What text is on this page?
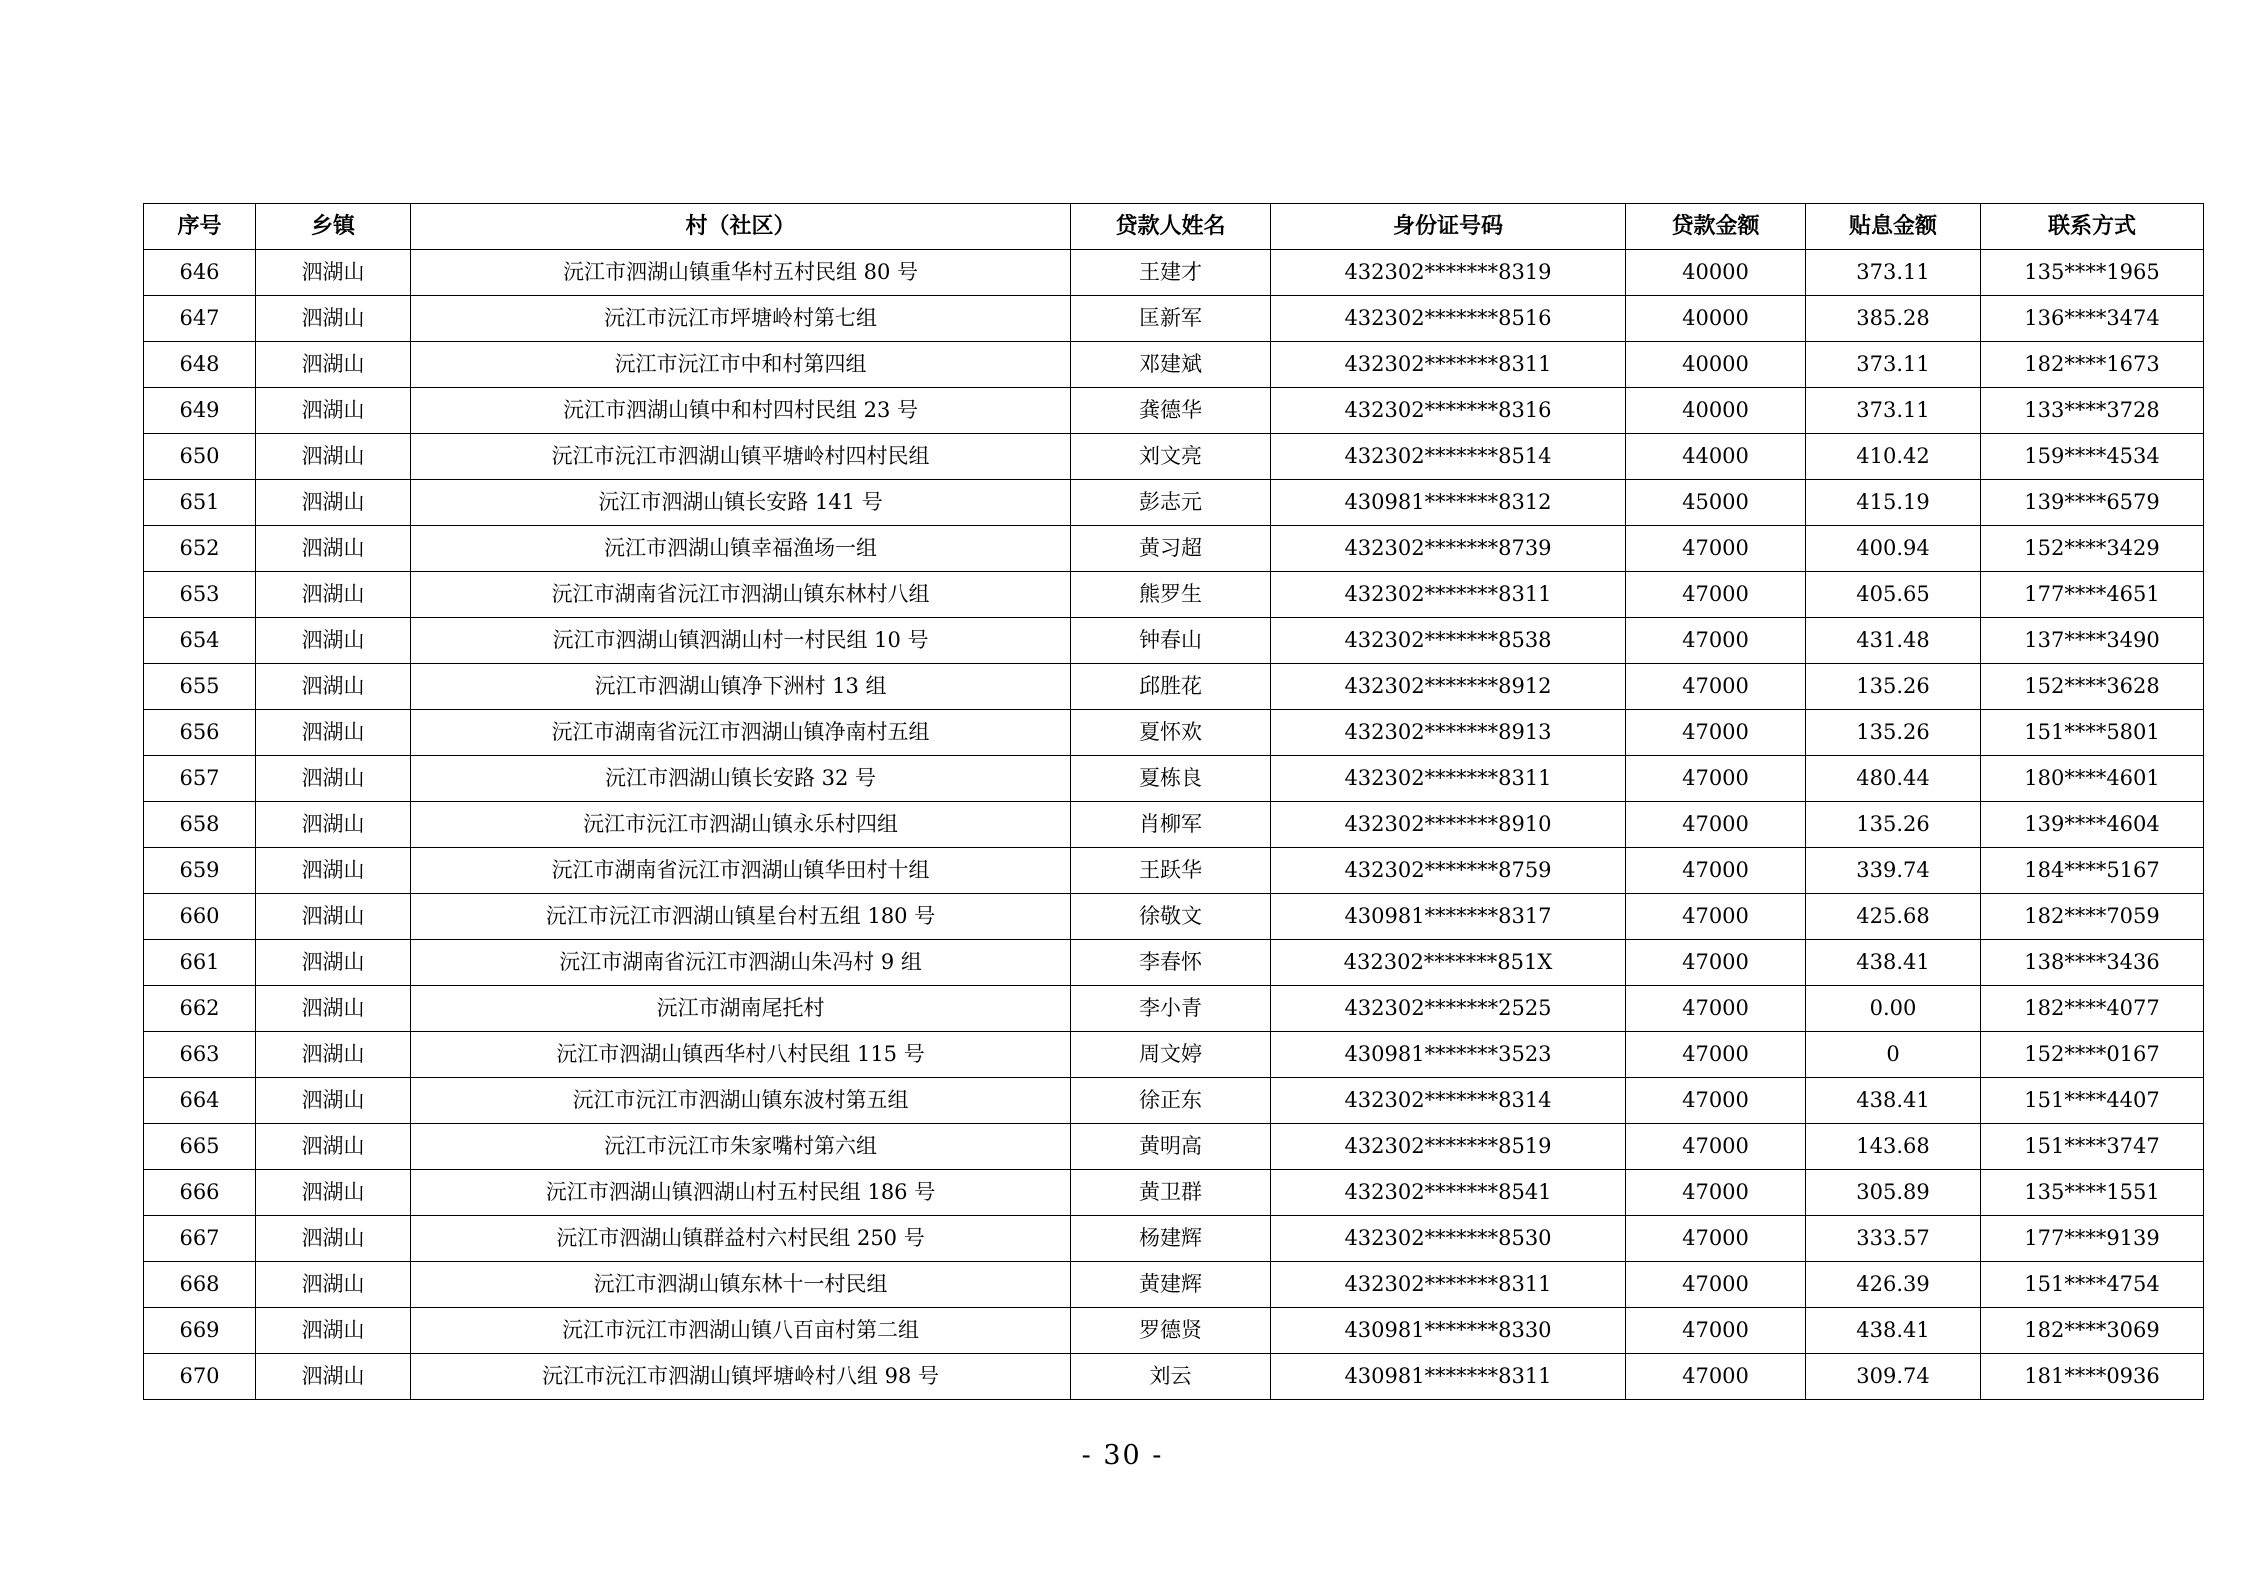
序号	乡镇	村（社区）	贷款人姓名	身份证号码	贷款金额	贴息金额	联系方式
646	泗湖山	沅江市泗湖山镇重华村五村民组 80 号	王建才	432302*******8319	40000	373.11	135****1965
647	泗湖山	沅江市沅江市坪塘岭村第七组	匡新军	432302*******8516	40000	385.28	136****3474
648	泗湖山	沅江市沅江市中和村第四组	邓建斌	432302*******8311	40000	373.11	182****1673
649	泗湖山	沅江市泗湖山镇中和村四村民组 23 号	龚德华	432302*******8316	40000	373.11	133****3728
650	泗湖山	沅江市沅江市泗湖山镇平塘岭村四村民组	刘文亮	432302*******8514	44000	410.42	159****4534
651	泗湖山	沅江市泗湖山镇长安路 141 号	彭志元	430981*******8312	45000	415.19	139****6579
652	泗湖山	沅江市泗湖山镇幸福渔场一组	黄习超	432302*******8739	47000	400.94	152****3429
653	泗湖山	沅江市湖南省沅江市泗湖山镇东林村八组	熊罗生	432302*******8311	47000	405.65	177****4651
654	泗湖山	沅江市泗湖山镇泗湖山村一村民组 10 号	钟春山	432302*******8538	47000	431.48	137****3490
655	泗湖山	沅江市泗湖山镇净下洲村 13 组	邱胜花	432302*******8912	47000	135.26	152****3628
656	泗湖山	沅江市湖南省沅江市泗湖山镇净南村五组	夏怀欢	432302*******8913	47000	135.26	151****5801
657	泗湖山	沅江市泗湖山镇长安路 32 号	夏栋良	432302*******8311	47000	480.44	180****4601
658	泗湖山	沅江市沅江市泗湖山镇永乐村四组	肖柳军	432302*******8910	47000	135.26	139****4604
659	泗湖山	沅江市湖南省沅江市泗湖山镇华田村十组	王跃华	432302*******8759	47000	339.74	184****5167
660	泗湖山	沅江市沅江市泗湖山镇星台村五组 180 号	徐敬文	430981*******8317	47000	425.68	182****7059
661	泗湖山	沅江市湖南省沅江市泗湖山朱冯村 9 组	李春怀	432302*******851X	47000	438.41	138****3436
662	泗湖山	沅江市湖南尾托村	李小青	432302*******2525	47000	0.00	182****4077
663	泗湖山	沅江市泗湖山镇西华村八村民组 115 号	周文婷	430981*******3523	47000	0	152****0167
664	泗湖山	沅江市沅江市泗湖山镇东波村第五组	徐正东	432302*******8314	47000	438.41	151****4407
665	泗湖山	沅江市沅江市朱家嘴村第六组	黄明高	432302*******8519	47000	143.68	151****3747
666	泗湖山	沅江市泗湖山镇泗湖山村五村民组 186 号	黄卫群	432302*******8541	47000	305.89	135****1551
667	泗湖山	沅江市泗湖山镇群益村六村民组 250 号	杨建辉	432302*******8530	47000	333.57	177****9139
668	泗湖山	沅江市泗湖山镇东林十一村民组	黄建辉	432302*******8311	47000	426.39	151****4754
669	泗湖山	沅江市沅江市泗湖山镇八百亩村第二组	罗德贤	430981*******8330	47000	438.41	182****3069
670	泗湖山	沅江市沅江市泗湖山镇坪塘岭村八组 98 号	刘云	430981*******8311	47000	309.74	181****0936
- 30 -
